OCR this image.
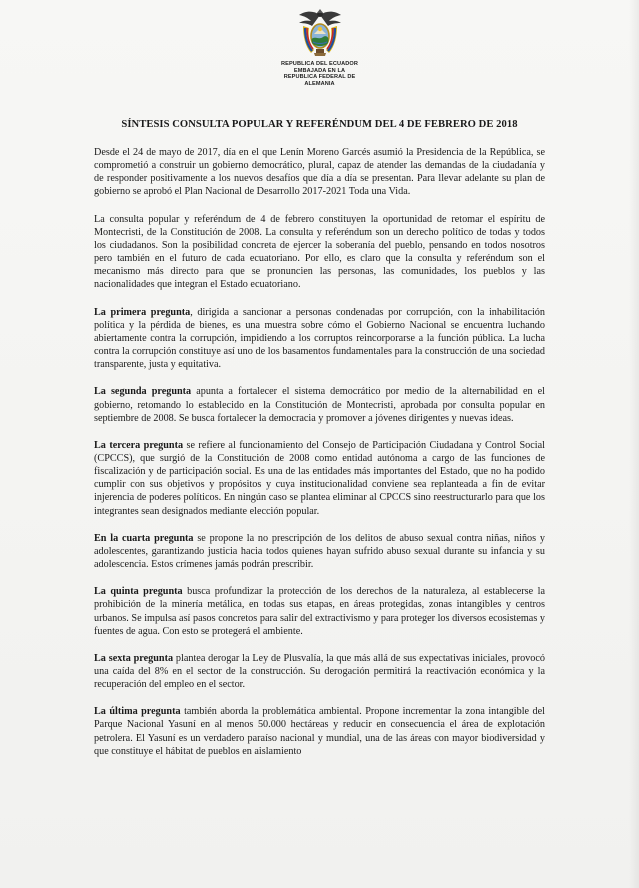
REPUBLICA DEL ECUADOR
EMBAJADA EN LA
REPUBLICA FEDERAL DE
ALEMANIA
SÍNTESIS CONSULTA POPULAR Y REFERÉNDUM DEL 4 DE FEBRERO DE 2018

Desde el 24 de mayo de 2017, día en el que Lenín Moreno Garcés asumió la Presidencia de la República, se comprometió a construir un gobierno democrático, plural, capaz de atender las demandas de la ciudadanía y de responder positivamente a los nuevos desafíos que día a día se presentan. Para llevar adelante su plan de gobierno se aprobó el Plan Nacional de Desarrollo 2017-2021 Toda una Vida.

La consulta popular y referéndum de 4 de febrero constituyen la oportunidad de retomar el espíritu de Montecristi, de la Constitución de 2008. La consulta y referéndum son un derecho político de todas y todos los ciudadanos. Son la posibilidad concreta de ejercer la soberanía del pueblo, pensando en todos nosotros pero también en el futuro de cada ecuatoriano. Por ello, es claro que la consulta y referéndum son el mecanismo más directo para que se pronuncien las personas, las comunidades, los pueblos y las nacionalidades que integran el Estado ecuatoriano.

La primera pregunta, dirigida a sancionar a personas condenadas por corrupción, con la inhabilitación política y la pérdida de bienes, es una muestra sobre cómo el Gobierno Nacional se encuentra luchando abiertamente contra la corrupción, impidiendo a los corruptos reincorporarse a la función pública. La lucha contra la corrupción constituye así uno de los basamentos fundamentales para la construcción de una sociedad transparente, justa y equitativa.

La segunda pregunta apunta a fortalecer el sistema democrático por medio de la alternabilidad en el gobierno, retomando lo establecido en la Constitución de Montecristi, aprobada por consulta popular en septiembre de 2008. Se busca fortalecer la democracia y promover a jóvenes dirigentes y nuevas ideas.

La tercera pregunta se refiere al funcionamiento del Consejo de Participación Ciudadana y Control Social (CPCCS), que surgió de la Constitución de 2008 como entidad autónoma a cargo de las funciones de fiscalización y de participación social. Es una de las entidades más importantes del Estado, que no ha podido cumplir con sus objetivos y propósitos y cuya institucionalidad conviene sea replanteada a fin de evitar injerencia de poderes políticos. En ningún caso se plantea eliminar al CPCCS sino reestructurarlo para que los integrantes sean designados mediante elección popular.

En la cuarta pregunta se propone la no prescripción de los delitos de abuso sexual contra niñas, niños y adolescentes, garantizando justicia hacia todos quienes hayan sufrido abuso sexual durante su infancia y su adolescencia. Estos crímenes jamás podrán prescribir.

La quinta pregunta busca profundizar la protección de los derechos de la naturaleza, al establecerse la prohibición de la minería metálica, en todas sus etapas, en áreas protegidas, zonas intangibles y centros urbanos. Se impulsa así pasos concretos para salir del extractivismo y para proteger los diversos ecosistemas y fuentes de agua. Con esto se protegerá el ambiente.

La sexta pregunta plantea derogar la Ley de Plusvalía, la que más allá de sus expectativas iniciales, provocó una caída del 8% en el sector de la construcción. Su derogación permitirá la reactivación económica y la recuperación del empleo en el sector.

La última pregunta también aborda la problemática ambiental. Propone incrementar la zona intangible del Parque Nacional Yasuní en al menos 50.000 hectáreas y reducir en consecuencia el área de explotación petrolera. El Yasuní es un verdadero paraíso nacional y mundial, una de las áreas con mayor biodiversidad y que constituye el hábitat de pueblos en aislamiento
